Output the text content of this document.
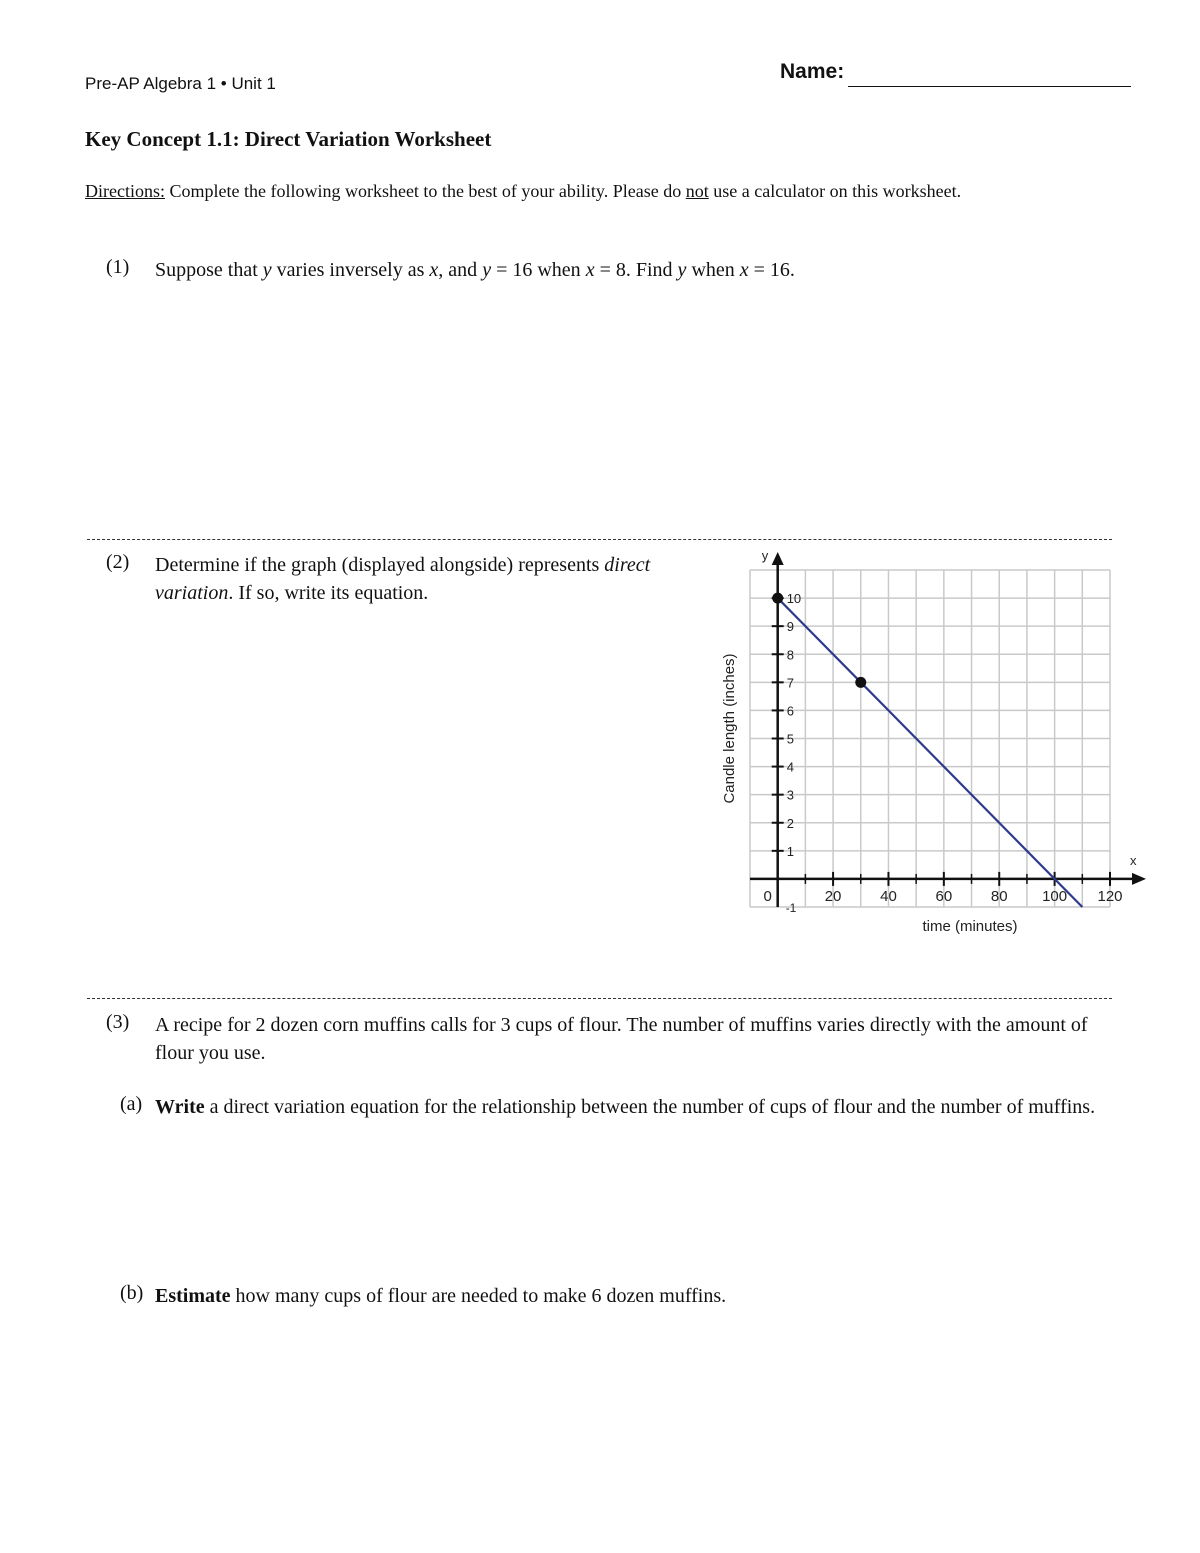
Pre-AP Algebra 1 • Unit 1
Name:
Key Concept 1.1: Direct Variation Worksheet
Directions: Complete the following worksheet to the best of your ability. Please do not use a calculator on this worksheet.
(1) Suppose that y varies inversely as x, and y = 16 when x = 8. Find y when x = 16.
(2) Determine if the graph (displayed alongside) represents direct variation. If so, write its equation.
0	20	40	60	80 100 120
1
2
3
4
5
6
7
8
9
10
-1
time (minutes)
Candle length (inches)
x
y
(3) A recipe for 2 dozen corn muffins calls for 3 cups of flour. The number of muffins varies directly with the amount of flour you use.
(a) Write a direct variation equation for the relationship between the number of cups of flour and the number of muffins.
(b) Estimate how many cups of flour are needed to make 6 dozen muffins.
